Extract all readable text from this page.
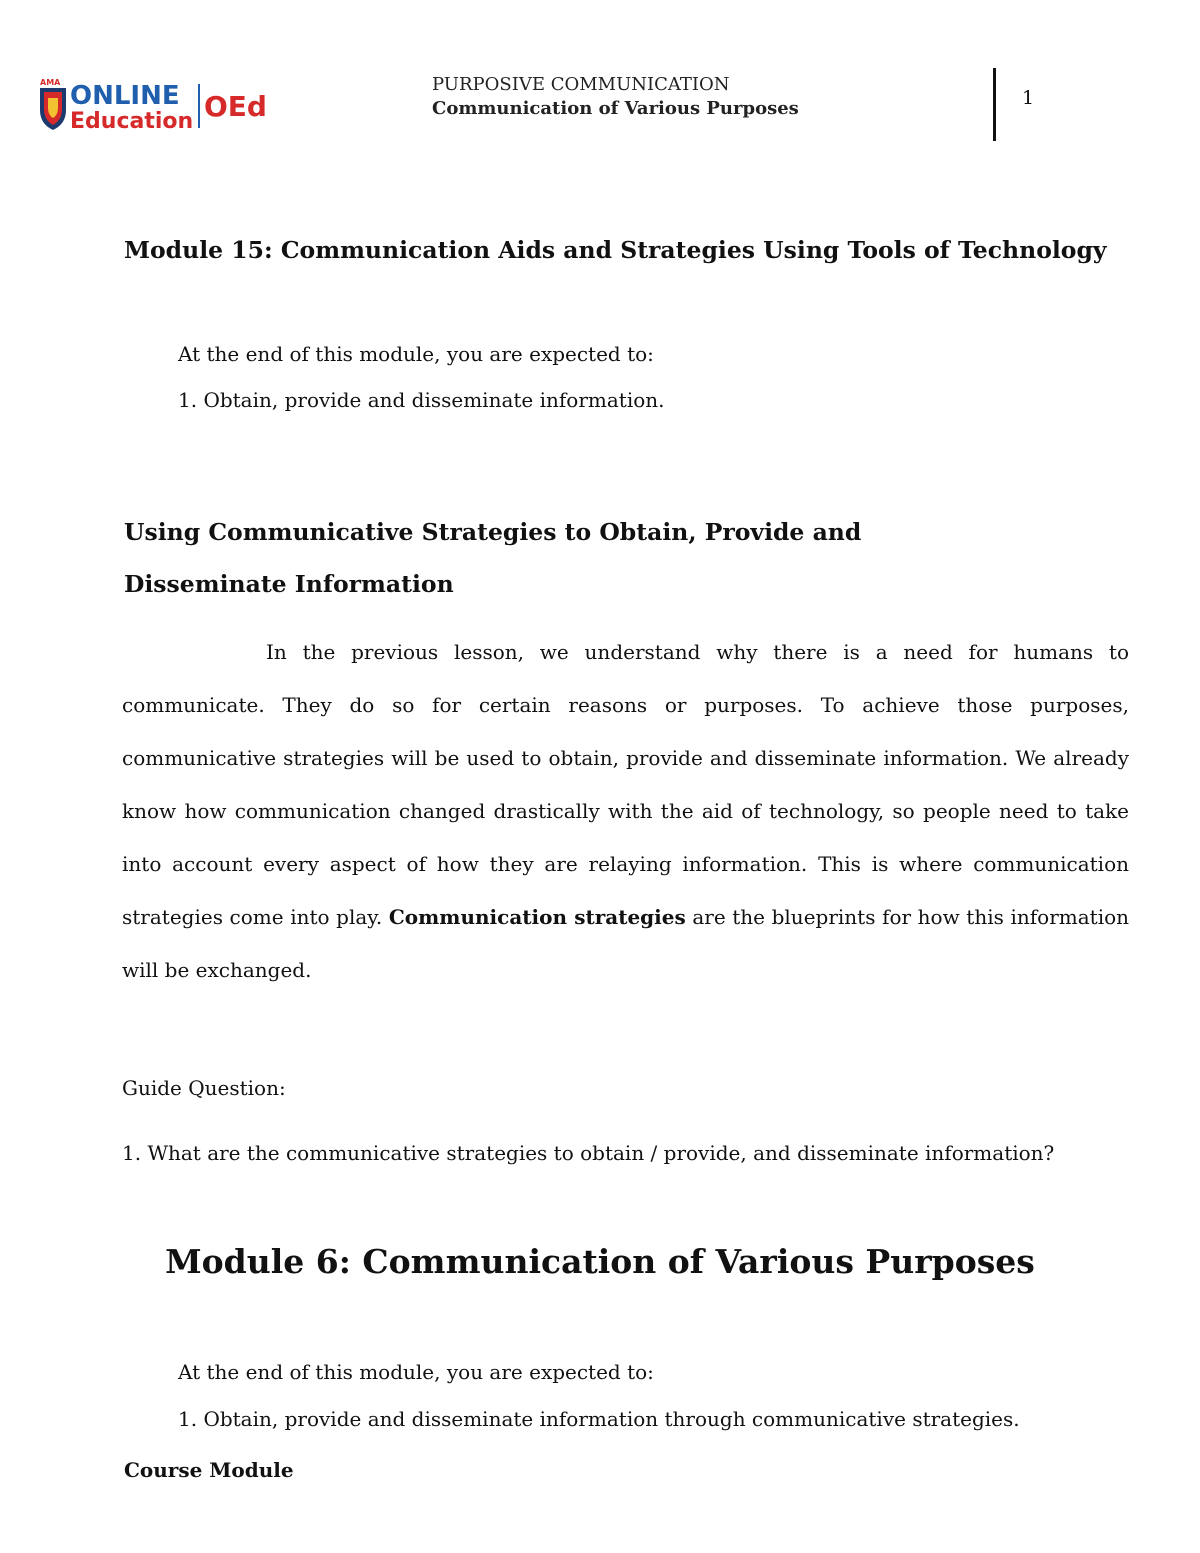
AMA ONLINE
Education OEd
PURPOSIVE COMMUNICATION
Communication of Various Purposes	1
Module 15: Communication Aids and Strategies Using Tools of Technology
At the end of this module, you are expected to:
1. Obtain, provide and disseminate information.
Using Communicative Strategies to Obtain, Provide and Disseminate Information

In the previous lesson, we understand why there is a need for humans to communicate. They do so for certain reasons or purposes. To achieve those purposes, communicative strategies will be used to obtain, provide and disseminate information. We already know how communication changed drastically with the aid of technology, so people need to take into account every aspect of how they are relaying information. This is where communication strategies come into play. Communication strategies are the blueprints for how this information will be exchanged.

Guide Question:
1. What are the communicative strategies to obtain / provide, and disseminate information?
Module 6: Communication of Various Purposes
At the end of this module, you are expected to:
1. Obtain, provide and disseminate information through communicative strategies.
Course Module
